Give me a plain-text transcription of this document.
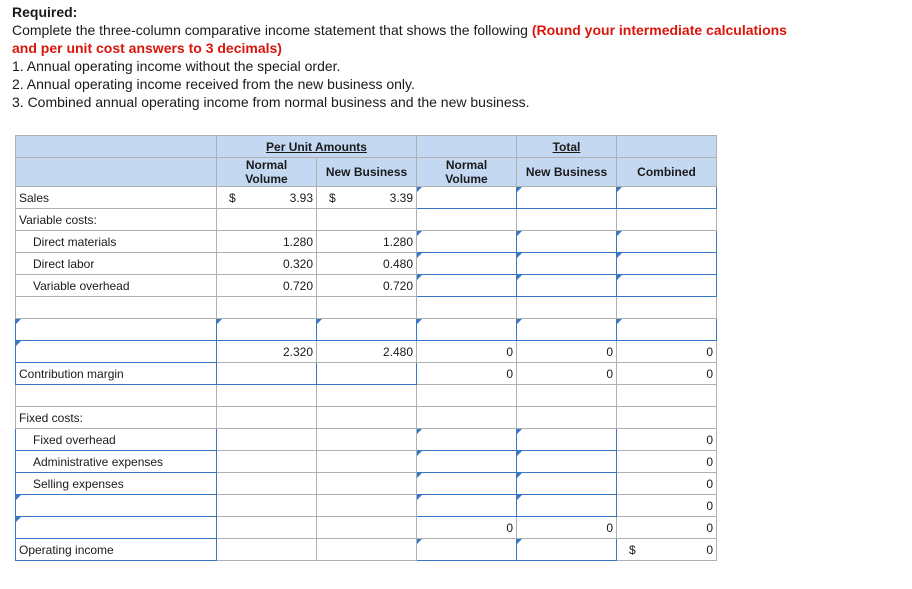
Required:
Complete the three-column comparative income statement that shows the following (Round your intermediate calculations
and per unit cost answers to 3 decimals)
1. Annual operating income without the special order.
2. Annual operating income received from the new business only.
3. Combined annual operating income from normal business and the new business.
	Per Unit Amounts			Total	
	Normal Volume	New Business	Normal Volume	New Business	Combined
Sales	$ 3.93	$ 3.39			

Variable costs:					
Direct materials	1.280	1.280			
Direct labor	0.320	0.480			
Variable overhead	0.720	0.720			

	2.320	2.480	0	0	0
Contribution margin			0	0	0

Fixed costs:					
Fixed overhead					0
Administrative expenses					0
Selling expenses					0
					0
			0	0	0
Operating income					$ 0
